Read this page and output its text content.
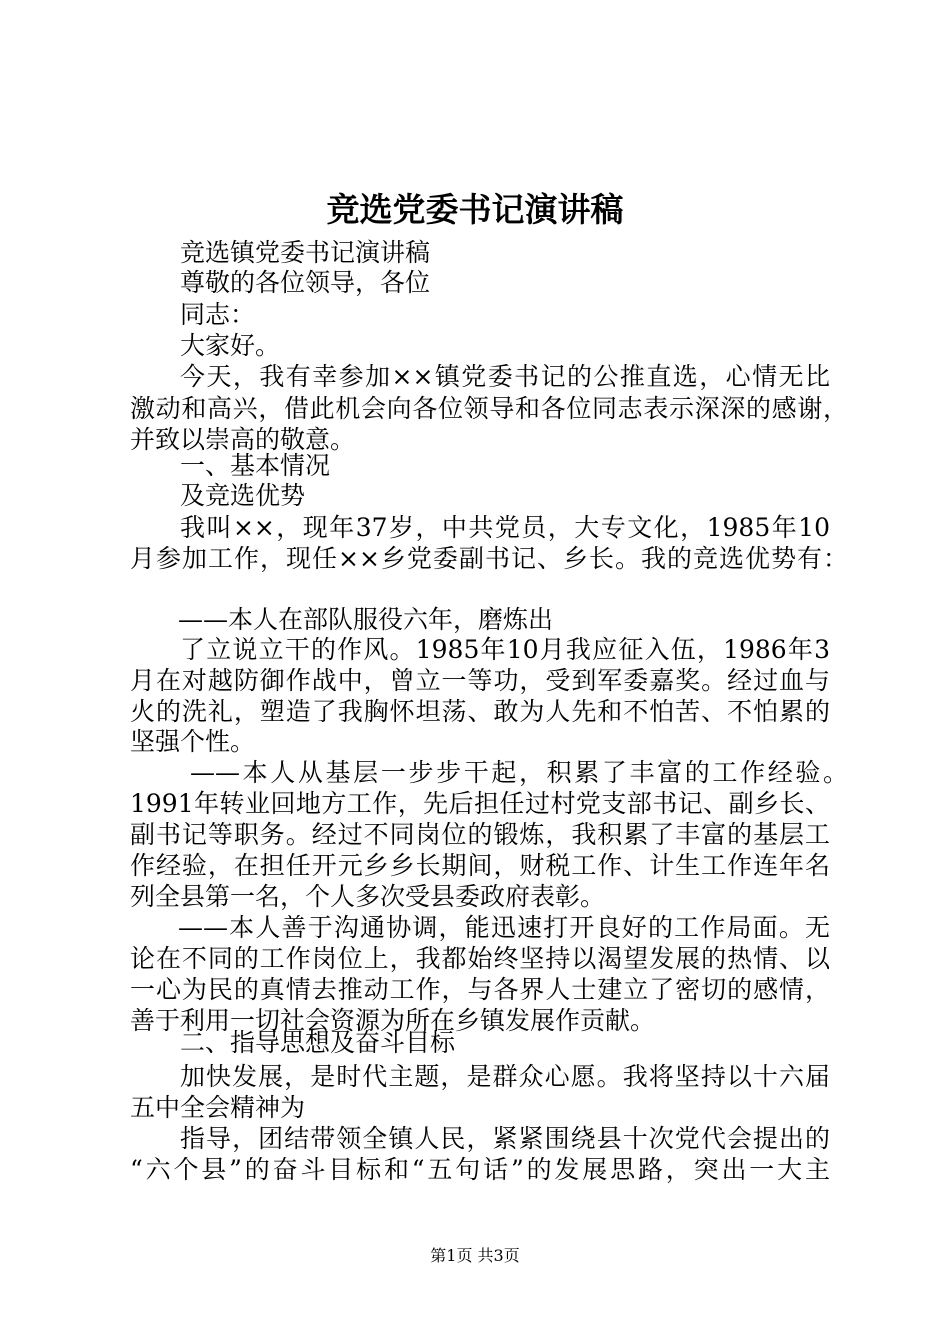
竞选党委书记演讲稿
竞选镇党委书记演讲稿
尊敬的各位领导，各位
同志：
大家好。
今天，我有幸参加××镇党委书记的公推直选，心情无比
激动和高兴，借此机会向各位领导和各位同志表示深深的感谢，
并致以崇高的敬意。
一、基本情况
及竞选优势
我叫××，现年37岁，中共党员，大专文化，1985年10
月参加工作，现任××乡党委副书记、乡长。我的竞选优势有：
——本人在部队服役六年，磨炼出
了立说立干的作风。1985年10月我应征入伍，1986年3
月在对越防御作战中，曾立一等功，受到军委嘉奖。经过血与
火的洗礼，塑造了我胸怀坦荡、敢为人先和不怕苦、不怕累的
坚强个性。
——本人从基层一步步干起，积累了丰富的工作经验。
1991年转业回地方工作，先后担任过村党支部书记、副乡长、
副书记等职务。经过不同岗位的锻炼，我积累了丰富的基层工
作经验，在担任开元乡乡长期间，财税工作、计生工作连年名
列全县第一名，个人多次受县委政府表彰。
——本人善于沟通协调，能迅速打开良好的工作局面。无
论在不同的工作岗位上，我都始终坚持以渴望发展的热情、以
一心为民的真情去推动工作，与各界人士建立了密切的感情，
善于利用一切社会资源为所在乡镇发展作贡献。
二、指导思想及奋斗目标
加快发展，是时代主题，是群众心愿。我将坚持以十六届
五中全会精神为
指导，团结带领全镇人民，紧紧围绕县十次党代会提出的
“六个县”的奋斗目标和“五句话”的发展思路，突出一大主
第1页 共3页
